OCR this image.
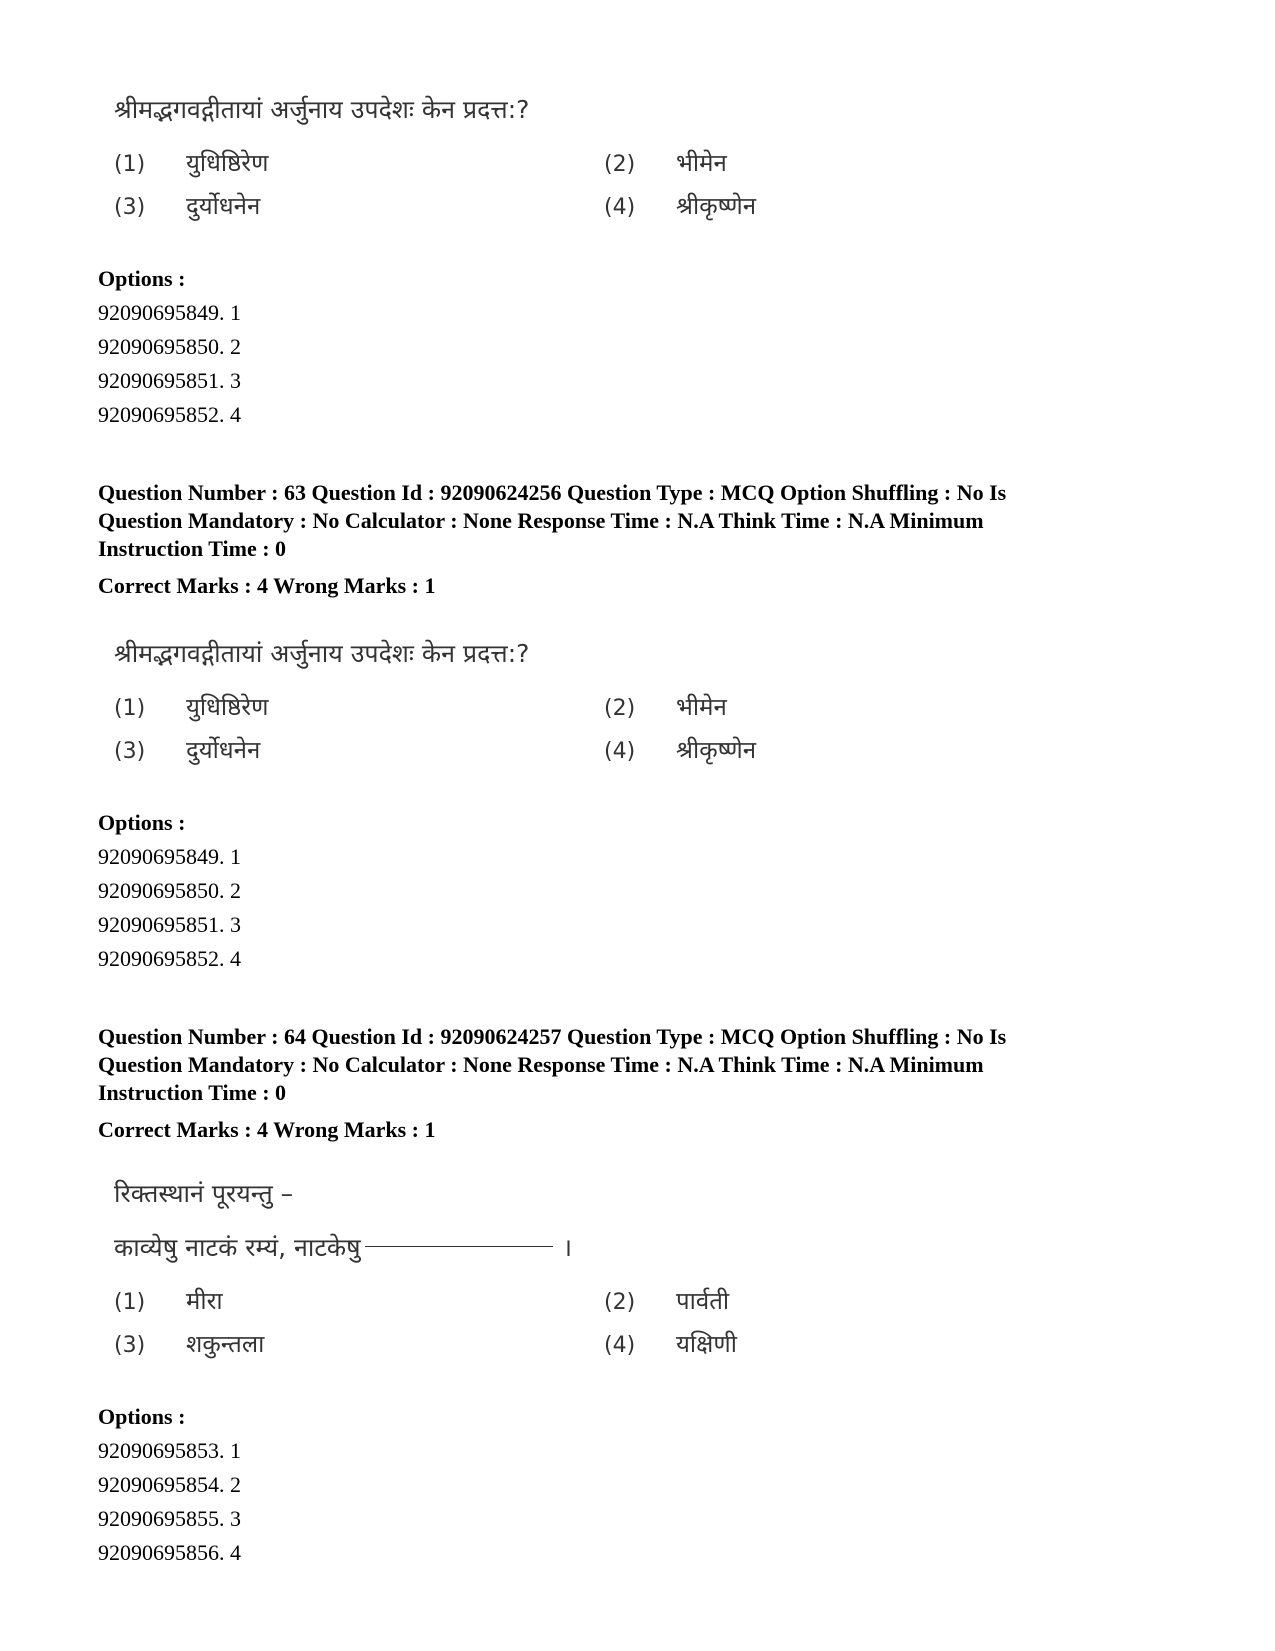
श्रीमद्भगवद्गीतायां अर्जुनाय उपदेशः केन प्रदत्त:?
(1) युधिष्ठिरेण	(2) भीमेन
(3) दुर्योधनेन	(4) श्रीकृष्णेन
Options :
92090695849. 1
92090695850. 2
92090695851. 3
92090695852. 4
Question Number : 63 Question Id : 92090624256 Question Type : MCQ Option Shuffling : No Is
Question Mandatory : No Calculator : None Response Time : N.A Think Time : N.A Minimum
Instruction Time : 0
Correct Marks : 4 Wrong Marks : 1
श्रीमद्भगवद्गीतायां अर्जुनाय उपदेशः केन प्रदत्त:?
(1) युधिष्ठिरेण	(2) भीमेन
(3) दुर्योधनेन	(4) श्रीकृष्णेन
Options :
92090695849. 1
92090695850. 2
92090695851. 3
92090695852. 4
Question Number : 64 Question Id : 92090624257 Question Type : MCQ Option Shuffling : No Is
Question Mandatory : No Calculator : None Response Time : N.A Think Time : N.A Minimum
Instruction Time : 0
Correct Marks : 4 Wrong Marks : 1
रिक्तस्थानं पूरयन्तु –
काव्येषु नाटकं रम्यं, नाटकेषु	।
(1) मीरा	(2) पार्वती
(3) शकुन्तला	(4) यक्षिणी
Options :
92090695853. 1
92090695854. 2
92090695855. 3
92090695856. 4
